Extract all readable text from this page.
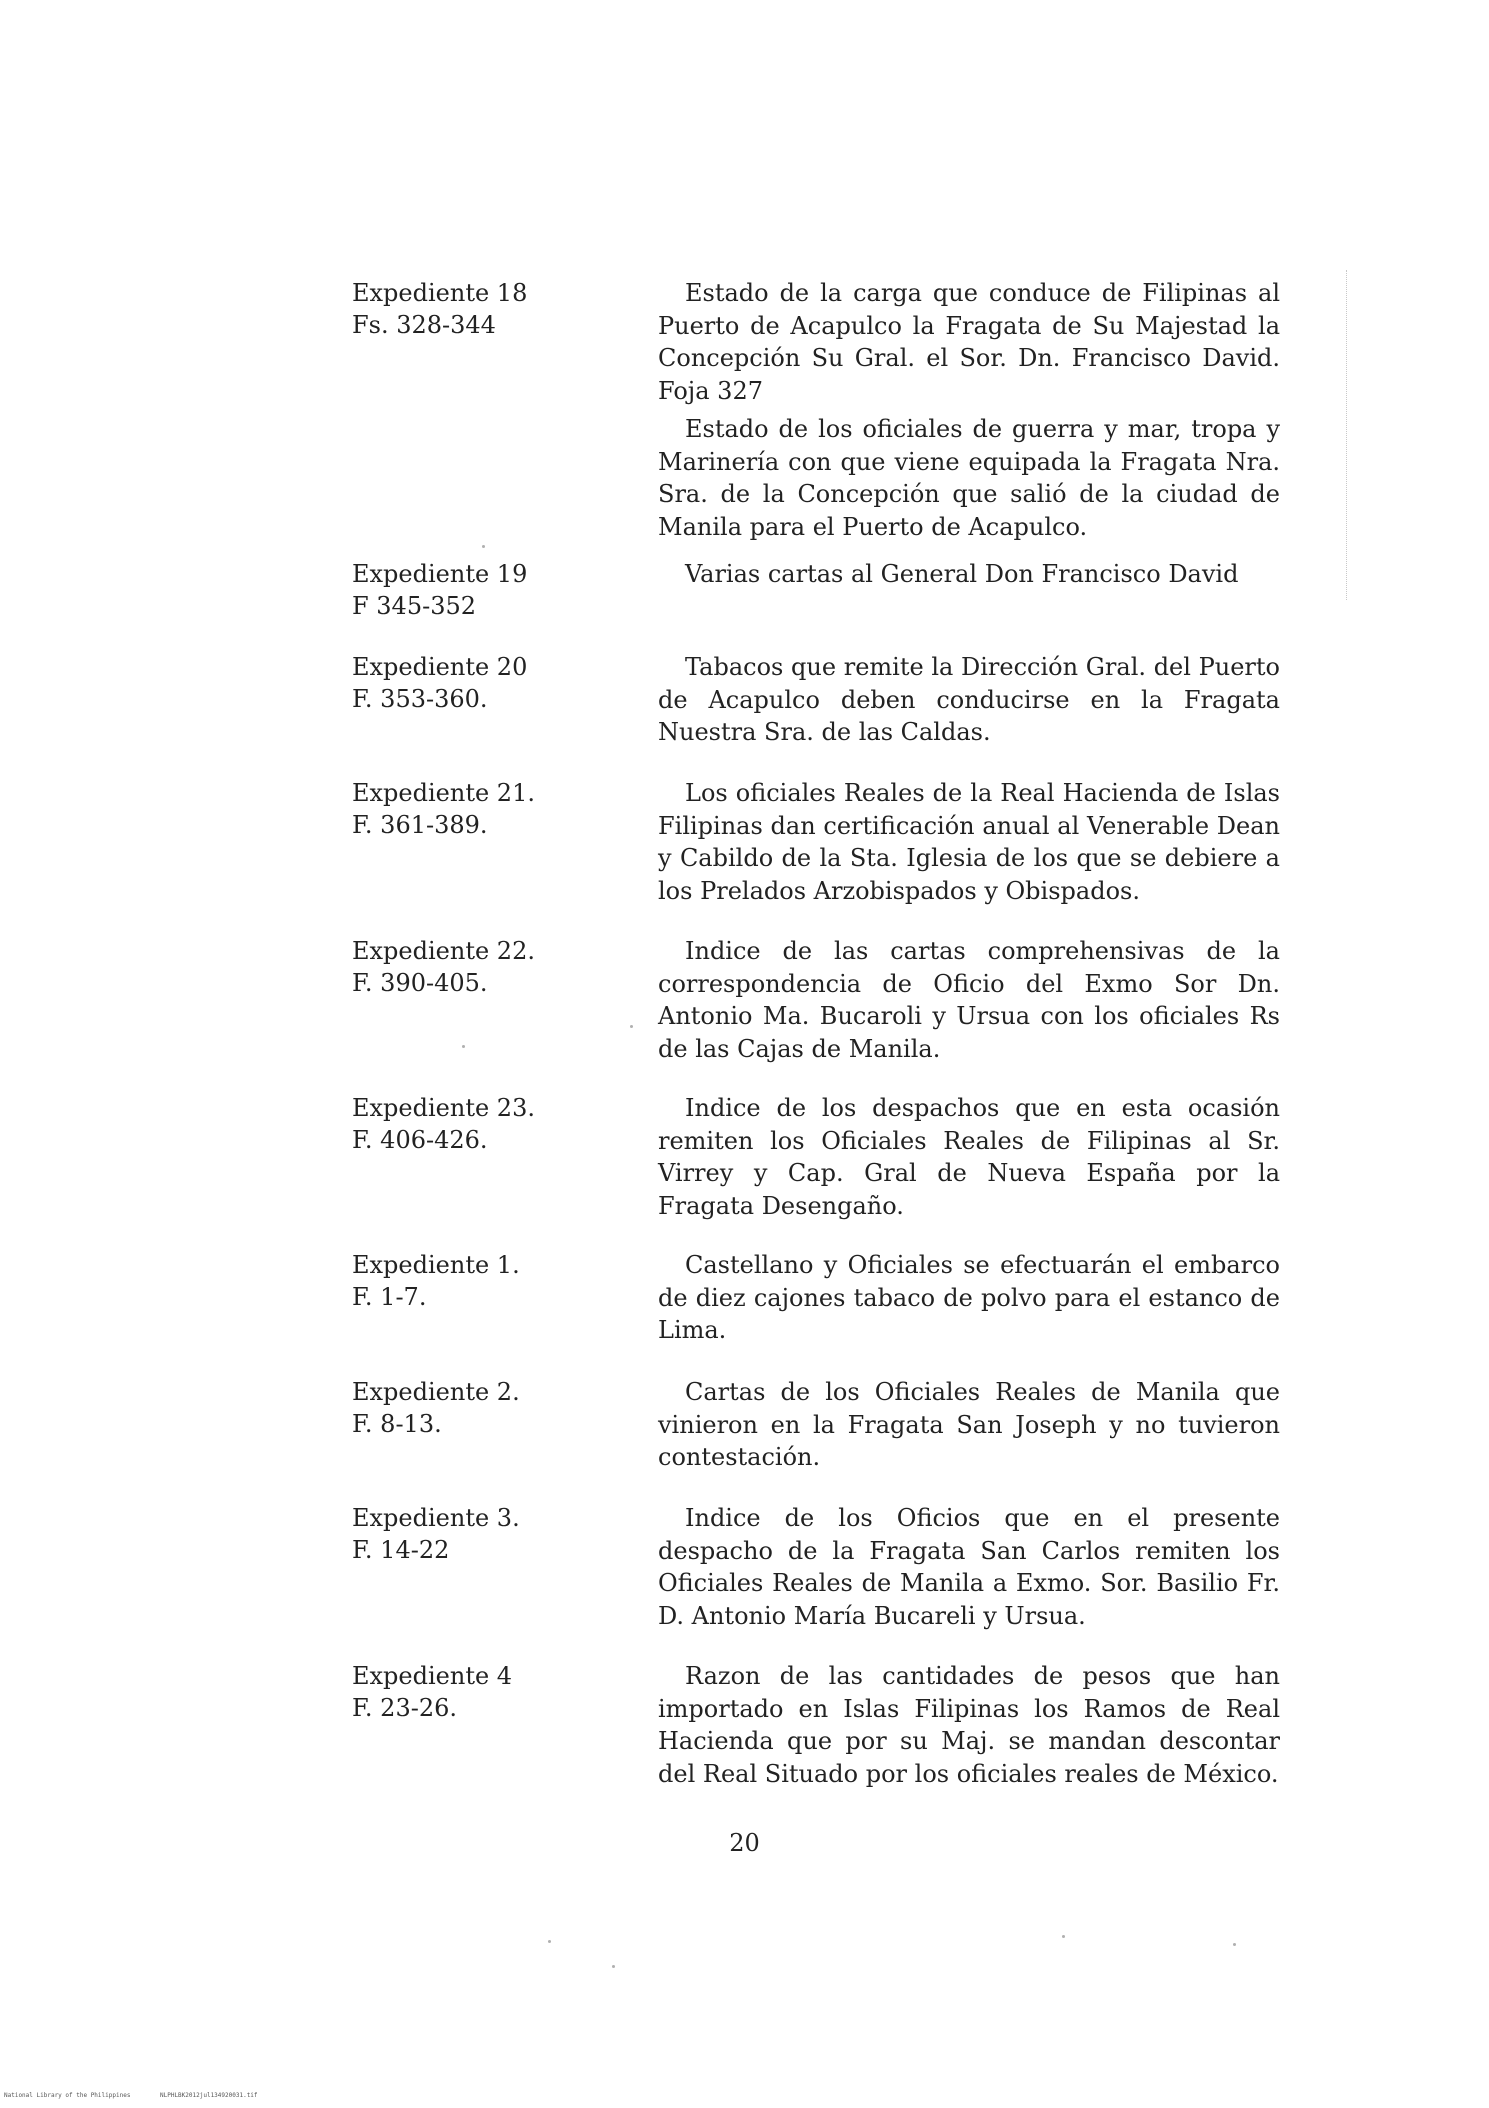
Expediente 18
Fs. 328-344

Estado de la carga que conduce de Filipinas al Puerto de Acapulco la Fragata de Su Majestad la Concepción Su Gral. el Sor. Dn. Francisco David. Foja 327

Estado de los oficiales de guerra y mar, tropa y Marinería con que viene equipada la Fragata Nra. Sra. de la Concepción que salió de la ciudad de Manila para el Puerto de Acapulco.

Expediente 19
F 345-352

Varias cartas al General Don Francisco David

Expediente 20
F. 353-360.

Tabacos que remite la Dirección Gral. del Puerto de Acapulco deben conducirse en la Fragata Nuestra Sra. de las Caldas.

Expediente 21.
F. 361-389.

Los oficiales Reales de la Real Hacienda de Islas Filipinas dan certificación anual al Venerable Dean y Cabildo de la Sta. Iglesia de los que se debiere a los Prelados Arzobispados y Obispados.

Expediente 22.
F. 390-405.

Indice de las cartas comprehensivas de la correspondencia de Oficio del Exmo Sor Dn. Antonio Ma. Bucaroli y Ursua con los oficiales Rs de las Cajas de Manila.

Expediente 23.
F. 406-426.

Indice de los despachos que en esta ocasión remiten los Oficiales Reales de Filipinas al Sr. Virrey y Cap. Gral de Nueva España por la Fragata Desengaño.

Expediente 1.
F. 1-7.

Castellano y Oficiales se efectuarán el embarco de diez cajones tabaco de polvo para el estanco de Lima.

Expediente 2.
F. 8-13.

Cartas de los Oficiales Reales de Manila que vinieron en la Fragata San Joseph y no tuvieron contestación.

Expediente 3.
F. 14-22

Indice de los Oficios que en el presente despacho de la Fragata San Carlos remiten los Oficiales Reales de Manila a Exmo. Sor. Basilio Fr. D. Antonio María Bucareli y Ursua.

Expediente 4
F. 23-26.

Razon de las cantidades de pesos que han importado en Islas Filipinas los Ramos de Real Hacienda que por su Maj. se mandan descontar del Real Situado por los oficiales reales de México.

20
National Library of the Philippines	NLPHLBK2012jul134920031.tif
